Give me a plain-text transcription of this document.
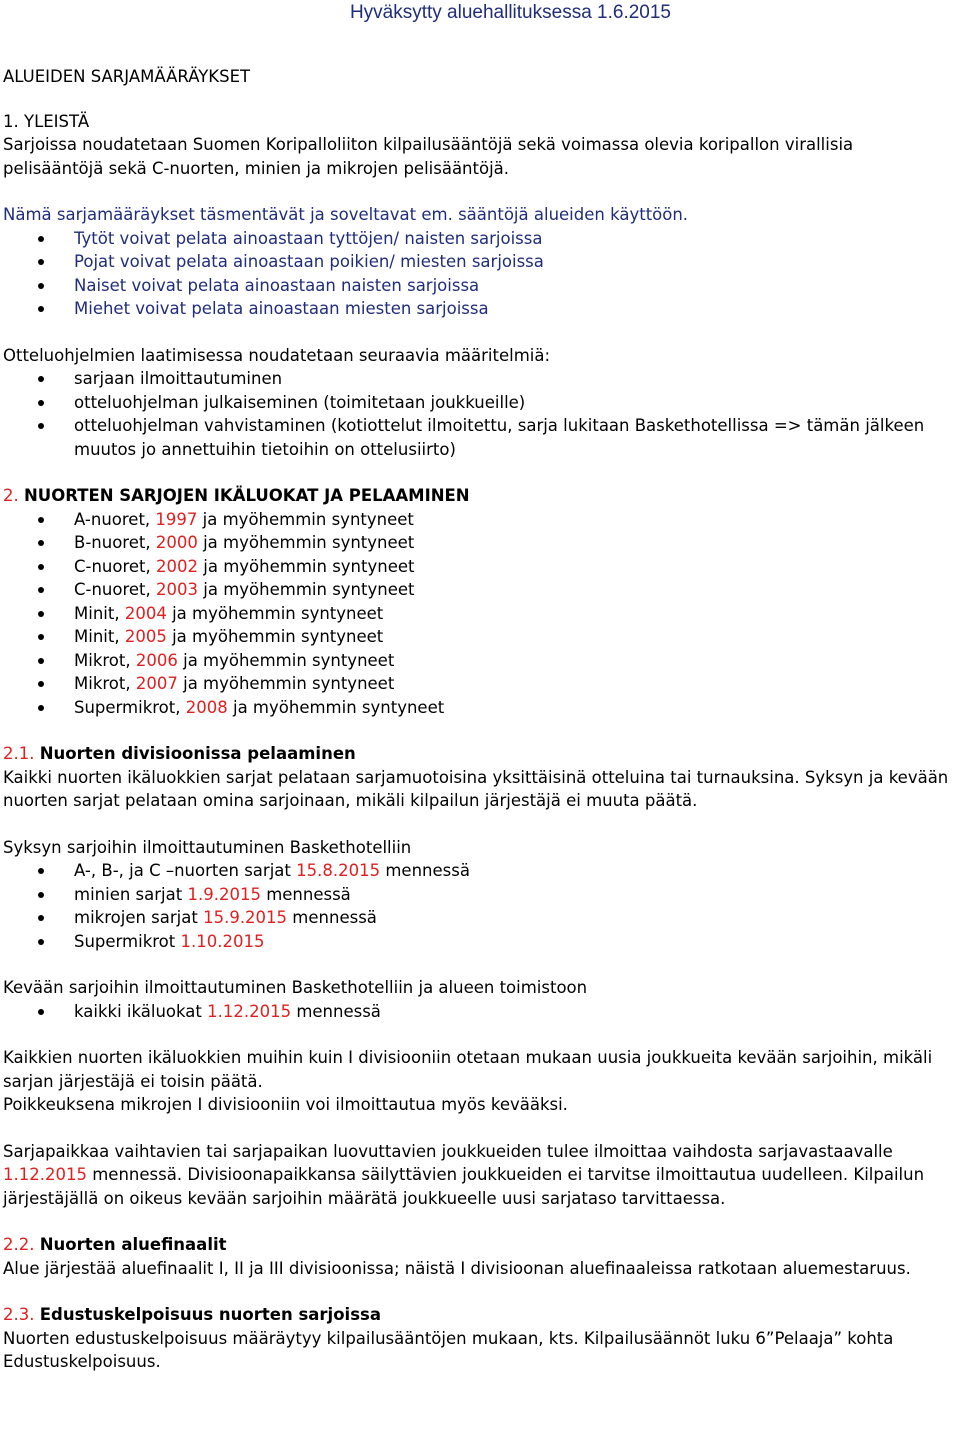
Hyväksytty aluehallituksessa 1.6.2015

ALUEIDEN SARJAMÄÄRÄYKSET

1. YLEISTÄ

Sarjoissa noudatetaan Suomen Koripalloliiton kilpailusääntöjä sekä voimassa olevia koripallon virallisia pelisääntöjä sekä C-nuorten, minien ja mikrojen pelisääntöjä.

Nämä sarjamääräykset täsmentävät ja soveltavat em. sääntöjä alueiden käyttöön.

Tytöt voivat pelata ainoastaan tyttöjen/ naisten sarjoissa
Pojat voivat pelata ainoastaan poikien/ miesten sarjoissa
Naiset voivat pelata ainoastaan naisten sarjoissa
Miehet voivat pelata ainoastaan miesten sarjoissa

Otteluohjelmien laatimisessa noudatetaan seuraavia määritelmiä:

sarjaan ilmoittautuminen
otteluohjelman julkaiseminen (toimitetaan joukkueille)
otteluohjelman vahvistaminen (kotiottelut ilmoitettu, sarja lukitaan Baskethotellissa => tämän jälkeen muutos jo annettuihin tietoihin on ottelusiirto)

2. NUORTEN SARJOJEN IKÄLUOKAT JA PELAAMINEN

A-nuoret, 1997 ja myöhemmin syntyneet
B-nuoret, 2000 ja myöhemmin syntyneet
C-nuoret, 2002 ja myöhemmin syntyneet
C-nuoret, 2003 ja myöhemmin syntyneet
Minit, 2004 ja myöhemmin syntyneet
Minit, 2005 ja myöhemmin syntyneet
Mikrot, 2006 ja myöhemmin syntyneet
Mikrot, 2007 ja myöhemmin syntyneet
Supermikrot, 2008 ja myöhemmin syntyneet

2.1. Nuorten divisioonissa pelaaminen

Kaikki nuorten ikäluokkien sarjat pelataan sarjamuotoisina yksittäisinä otteluina tai turnauksina. Syksyn ja kevään nuorten sarjat pelataan omina sarjoinaan, mikäli kilpailun järjestäjä ei muuta päätä.

Syksyn sarjoihin ilmoittautuminen Baskethotelliin

A-, B-, ja C –nuorten sarjat 15.8.2015 mennessä
minien sarjat 1.9.2015 mennessä
mikrojen sarjat 15.9.2015 mennessä
Supermikrot 1.10.2015

Kevään sarjoihin ilmoittautuminen Baskethotelliin ja alueen toimistoon

kaikki ikäluokat 1.12.2015 mennessä

Kaikkien nuorten ikäluokkien muihin kuin I divisiooniin otetaan mukaan uusia joukkueita kevään sarjoihin, mikäli sarjan järjestäjä ei toisin päätä.

Poikkeuksena mikrojen I divisiooniin voi ilmoittautua myös kevääksi.

Sarjapaikkaa vaihtavien tai sarjapaikan luovuttavien joukkueiden tulee ilmoittaa vaihdosta sarjavastaavalle 1.12.2015 mennessä. Divisioonapaikkansa säilyttävien joukkueiden ei tarvitse ilmoittautua uudelleen. Kilpailun järjestäjällä on oikeus kevään sarjoihin määrätä joukkueelle uusi sarjataso tarvittaessa.

2.2. Nuorten aluefinaalit

Alue järjestää aluefinaalit I, II ja III divisioonissa; näistä I divisioonan aluefinaaleissa ratkotaan aluemestaruus.

2.3. Edustuskelpoisuus nuorten sarjoissa

Nuorten edustuskelpoisuus määräytyy kilpailusääntöjen mukaan, kts. Kilpailusäännöt luku 6”Pelaaja” kohta Edustuskelpoisuus.
